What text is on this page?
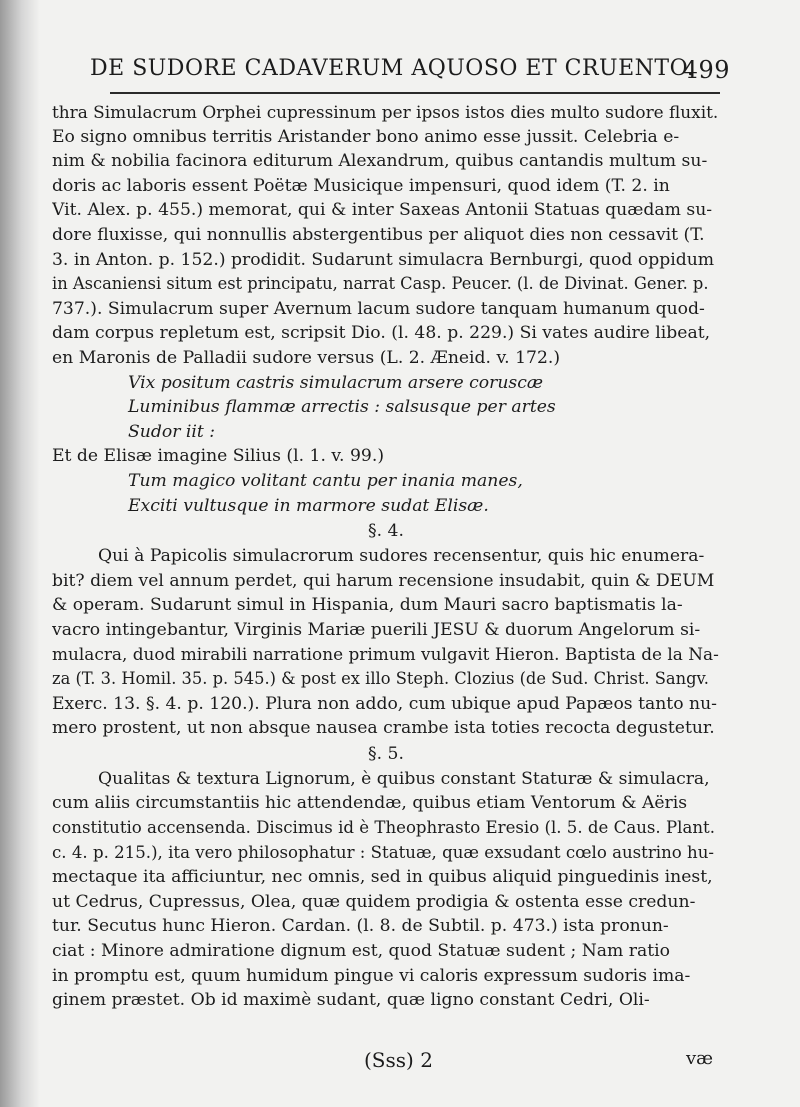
DE SUDORE CADAVERUM AQUOSO ET CRUENTO.
499
thra Simulacrum Orphei cupressinum per ipsos istos dies multo sudore fluxit.
Eo signo omnibus territis Aristander bono animo esse jussit. Celebria e-
nim & nobilia facinora editurum Alexandrum, quibus cantandis multum su-
doris ac laboris essent Poëtæ Musicique impensuri, quod idem (T. 2. in
Vit. Alex. p. 455.) memorat, qui & inter Saxeas Antonii Statuas quædam su-
dore fluxisse, qui nonnullis abstergentibus per aliquot dies non cessavit (T.
3. in Anton. p. 152.) prodidit. Sudarunt simulacra Bernburgi, quod oppidum
in Ascaniensi situm est principatu, narrat Casp. Peucer. (l. de Divinat. Gener. p.
737.). Simulacrum super Avernum lacum sudore tanquam humanum quod-
dam corpus repletum est, scripsit Dio. (l. 48. p. 229.) Si vates audire libeat,
en Maronis de Palladii sudore versus (L. 2. Æneid. v. 172.)
Vix positum castris simulacrum arsere coruscæ
Luminibus flammæ arrectis : salsusque per artes
Sudor iit :
Et de Elisæ imagine Silius (l. 1. v. 99.)
Tum magico volitant cantu per inania manes,
Exciti vultusque in marmore sudat Elisæ.
§. 4.
Qui à Papicolis simulacrorum sudores recensentur, quis hic enumera-
bit? diem vel annum perdet, qui harum recensione insudabit, quin & DEUM
& operam. Sudarunt simul in Hispania, dum Mauri sacro baptismatis la-
vacro intingebantur, Virginis Mariæ puerili JESU & duorum Angelorum si-
mulacra, duod mirabili narratione primum vulgavit Hieron. Baptista de la Na-
za (T. 3. Homil. 35. p. 545.) & post ex illo Steph. Clozius (de Sud. Christ. Sangv.
Exerc. 13. §. 4. p. 120.). Plura non addo, cum ubique apud Papæos tanto nu-
mero prostent, ut non absque nausea crambe ista toties recocta degustetur.
§. 5.
Qualitas & textura Lignorum, è quibus constant Staturæ & simulacra,
cum aliis circumstantiis hic attendendæ, quibus etiam Ventorum & Aëris
constitutio accensenda. Discimus id è Theophrasto Eresio (l. 5. de Caus. Plant.
c. 4. p. 215.), ita vero philosophatur : Statuæ, quæ exsudant cœlo austrino hu-
mectaque ita afficiuntur, nec omnis, sed in quibus aliquid pinguedinis inest,
ut Cedrus, Cupressus, Olea, quæ quidem prodigia & ostenta esse credun-
tur. Secutus hunc Hieron. Cardan. (l. 8. de Subtil. p. 473.) ista pronun-
ciat : Minore admiratione dignum est, quod Statuæ sudent ; Nam ratio
in promptu est, quum humidum pingue vi caloris expressum sudoris ima-
ginem præstet. Ob id maximè sudant, quæ ligno constant Cedri, Oli-
(Sss) 2	væ
